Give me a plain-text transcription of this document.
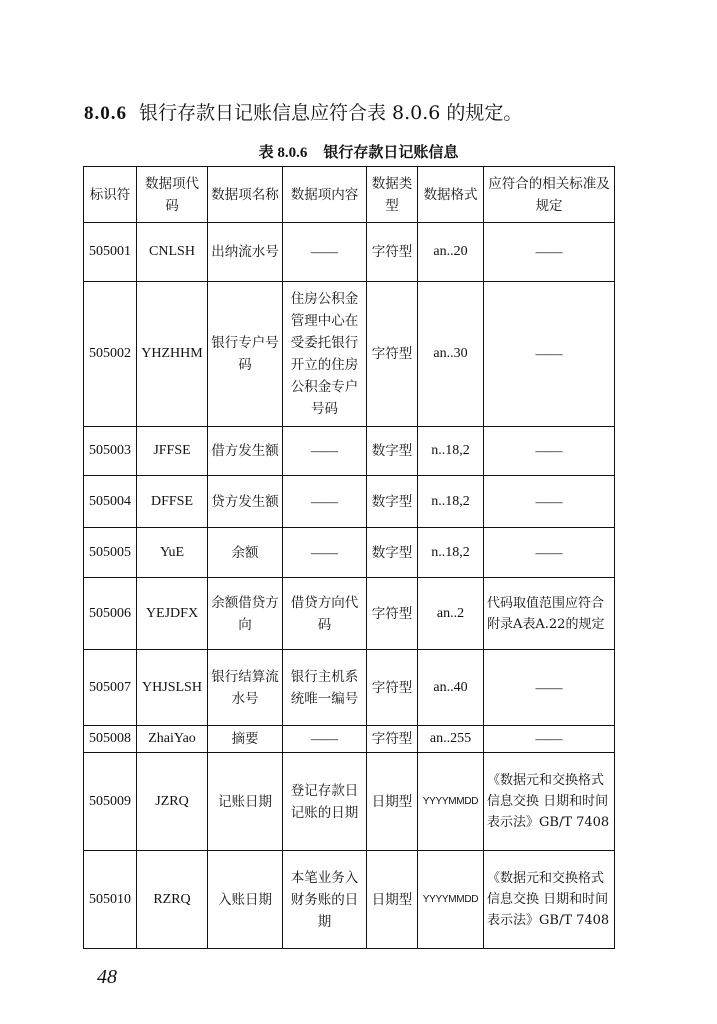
8.0.6 银行存款日记账信息应符合表 8.0.6 的规定。
表 8.0.6 银行存款日记账信息
标识符	数据项代码	数据项名称	数据项内容	数据类型	数据格式	应符合的相关标准及规定
505001	CNLSH	出纳流水号	——	字符型	an..20	——
505002	YHZHHM	银行专户号码	住房公积金管理中心在受委托银行开立的住房公积金专户号码	字符型	an..30	——
505003	JFFSE	借方发生额	——	数字型	n..18,2	——
505004	DFFSE	贷方发生额	——	数字型	n..18,2	——
505005	YuE	余额	——	数字型	n..18,2	——
505006	YEJDFX	余额借贷方向	借贷方向代码	字符型	an..2	代码取值范围应符合附录A表A.22的规定
505007	YHJSLSH	银行结算流水号	银行主机系统唯一编号	字符型	an..40	——
505008	ZhaiYao	摘要	——	字符型	an..255	——
505009	JZRQ	记账日期	登记存款日记账的日期	日期型	YYYYMMDD	《数据元和交换格式 信息交换 日期和时间表示法》GB/T 7408
505010	RZRQ	入账日期	本笔业务入财务账的日期	日期型	YYYYMMDD	《数据元和交换格式 信息交换 日期和时间表示法》GB/T 7408
48
